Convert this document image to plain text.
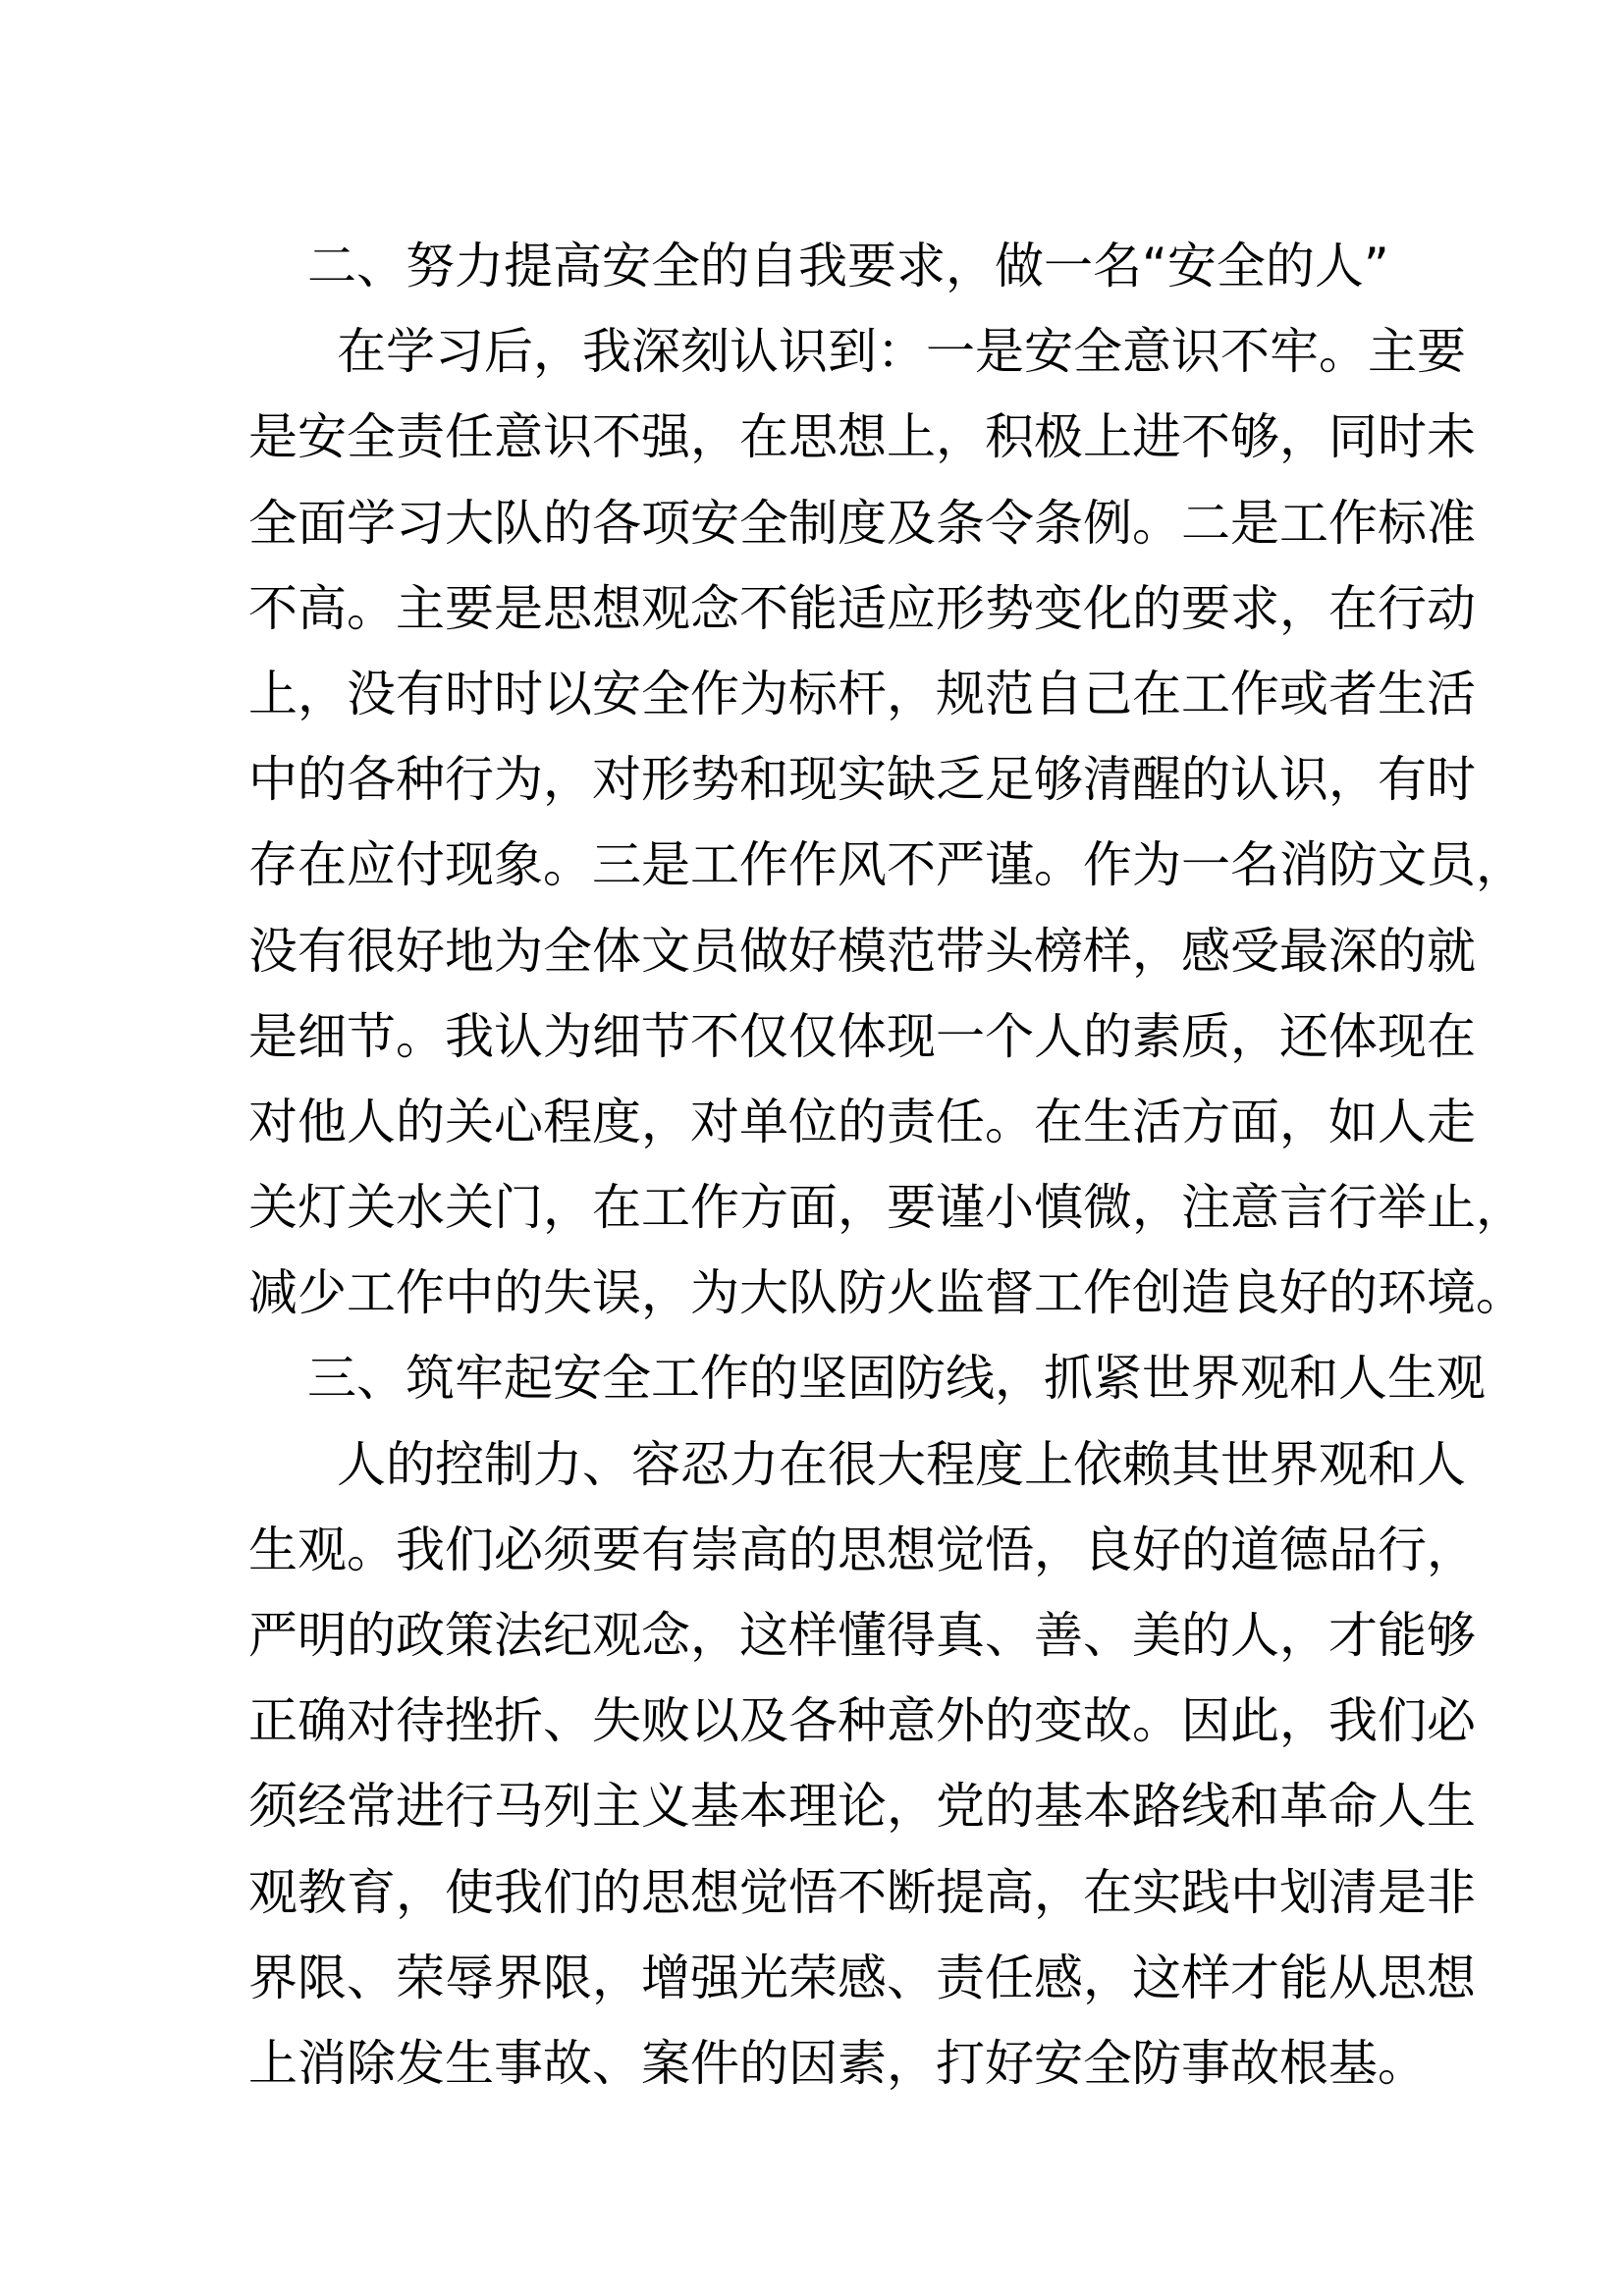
二、努力提高安全的自我要求，做一名“安全的人”
在学习后，我深刻认识到：一是安全意识不牢。主要
是安全责任意识不强，在思想上，积极上进不够，同时未
全面学习大队的各项安全制度及条令条例。二是工作标准
不高。主要是思想观念不能适应形势变化的要求，在行动
上，没有时时以安全作为标杆，规范自己在工作或者生活
中的各种行为，对形势和现实缺乏足够清醒的认识，有时
存在应付现象。三是工作作风不严谨。作为一名消防文员，
没有很好地为全体文员做好模范带头榜样，感受最深的就
是细节。我认为细节不仅仅体现一个人的素质，还体现在
对他人的关心程度，对单位的责任。在生活方面，如人走
关灯关水关门，在工作方面，要谨小慎微，注意言行举止，
减少工作中的失误，为大队防火监督工作创造良好的环境。
三、筑牢起安全工作的坚固防线，抓紧世界观和人生观
人的控制力、容忍力在很大程度上依赖其世界观和人
生观。我们必须要有崇高的思想觉悟，良好的道德品行，
严明的政策法纪观念，这样懂得真、善、美的人，才能够
正确对待挫折、失败以及各种意外的变故。因此，我们必
须经常进行马列主义基本理论，党的基本路线和革命人生
观教育，使我们的思想觉悟不断提高，在实践中划清是非
界限、荣辱界限，增强光荣感、责任感，这样才能从思想
上消除发生事故、案件的因素，打好安全防事故根基。
